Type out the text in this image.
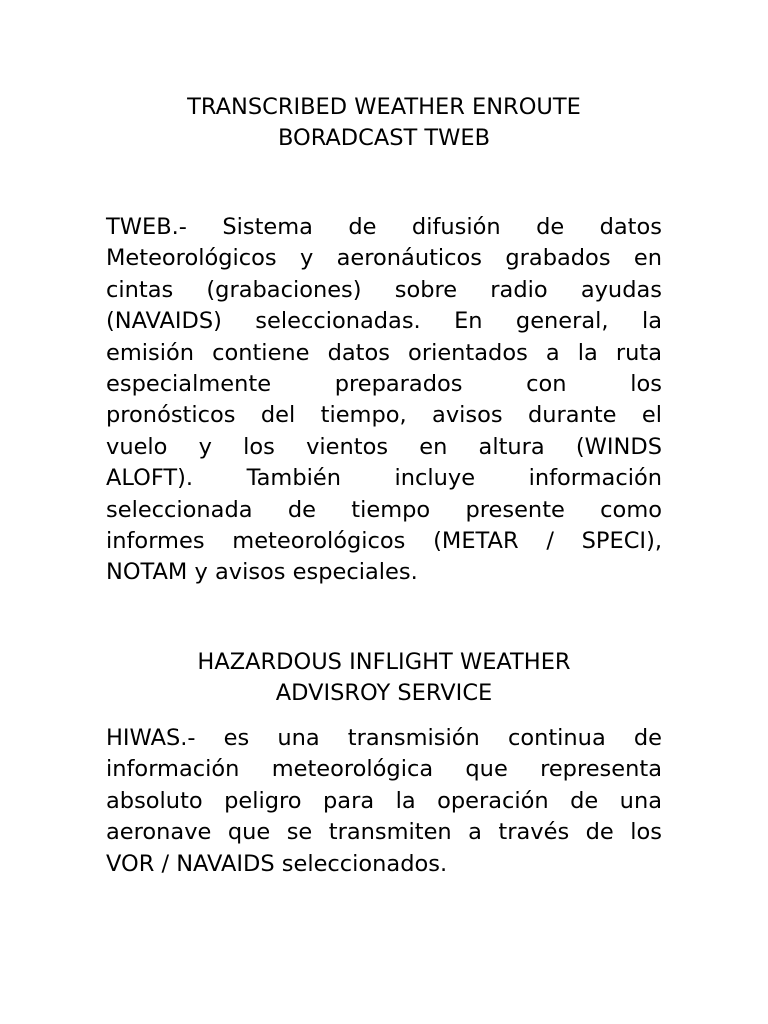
TRANSCRIBED WEATHER ENROUTE

BORADCAST TWEB

TWEB.- Sistema de difusión de datos
Meteorológicos y aeronáuticos grabados en
cintas (grabaciones) sobre radio ayudas
(NAVAIDS) seleccionadas. En general, la
emisión contiene datos orientados a la ruta
especialmente preparados con los
pronósticos del tiempo, avisos durante el
vuelo y los vientos en altura (WINDS
ALOFT). También incluye información
seleccionada de tiempo presente como
informes meteorológicos (METAR / SPECI),
NOTAM y avisos especiales.

HAZARDOUS INFLIGHT WEATHER

ADVISROY SERVICE

HIWAS.- es una transmisión continua de
información meteorológica que representa
absoluto peligro para la operación de una
aeronave que se transmiten a través de los
VOR / NAVAIDS seleccionados.
